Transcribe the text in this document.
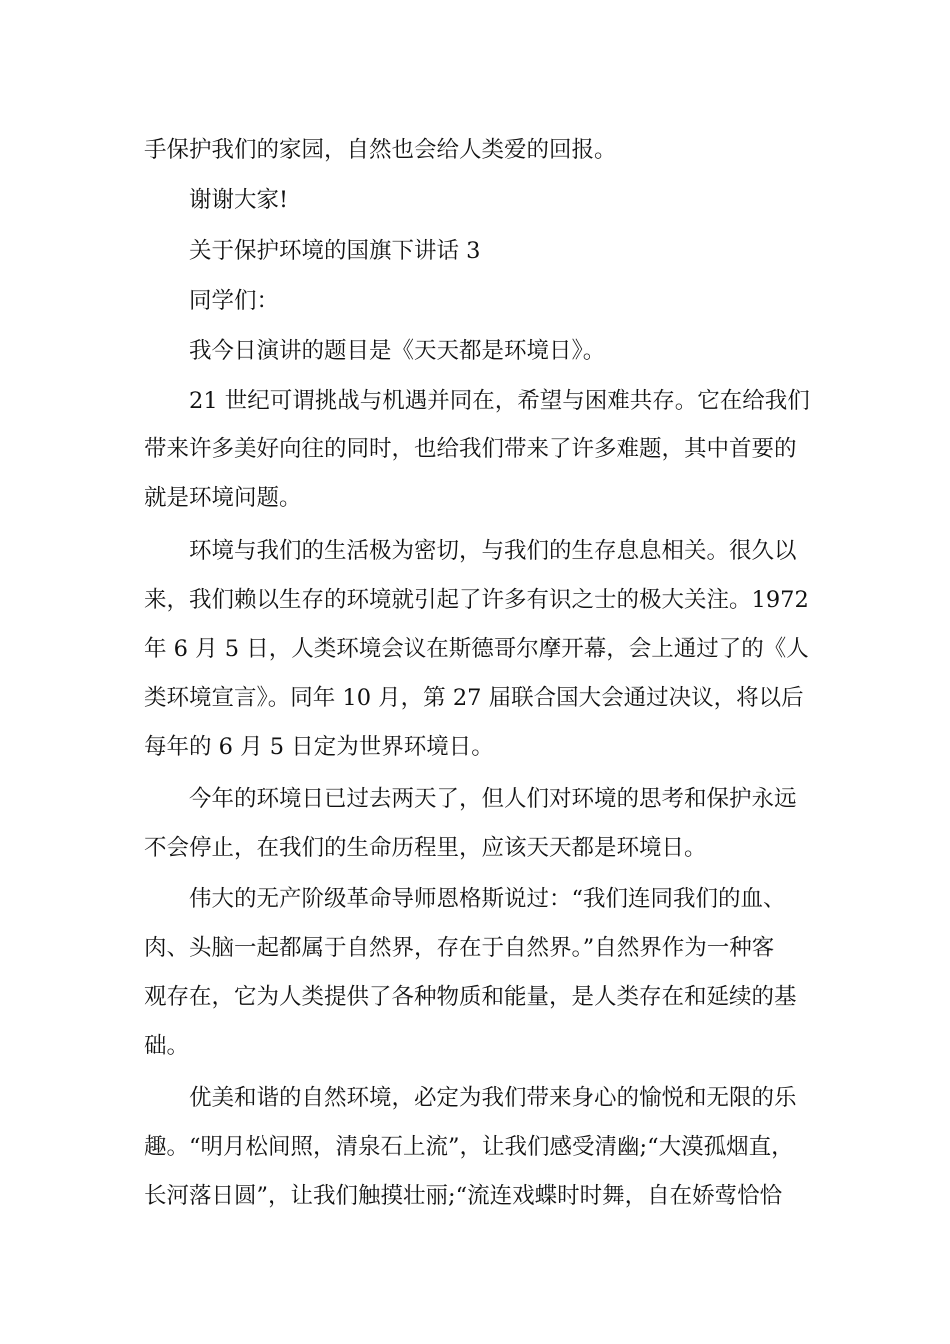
手保护我们的家园，自然也会给人类爱的回报。
谢谢大家!
关于保护环境的国旗下讲话 3
同学们：
我今日演讲的题目是《天天都是环境日》。
21 世纪可谓挑战与机遇并同在，希望与困难共存。它在给我们
带来许多美好向往的同时，也给我们带来了许多难题，其中首要的
就是环境问题。
环境与我们的生活极为密切，与我们的生存息息相关。很久以
来，我们赖以生存的环境就引起了许多有识之士的极大关注。1972
年 6 月 5 日，人类环境会议在斯德哥尔摩开幕，会上通过了的《人
类环境宣言》。同年 10 月，第 27 届联合国大会通过决议，将以后
每年的 6 月 5 日定为世界环境日。
今年的环境日已过去两天了，但人们对环境的思考和保护永远
不会停止，在我们的生命历程里，应该天天都是环境日。
伟大的无产阶级革命导师恩格斯说过：“我们连同我们的血、
肉、头脑一起都属于自然界，存在于自然界。”自然界作为一种客
观存在，它为人类提供了各种物质和能量，是人类存在和延续的基
础。
优美和谐的自然环境，必定为我们带来身心的愉悦和无限的乐
趣。“明月松间照，清泉石上流”，让我们感受清幽;“大漠孤烟直，
长河落日圆”，让我们触摸壮丽;“流连戏蝶时时舞，自在娇莺恰恰
